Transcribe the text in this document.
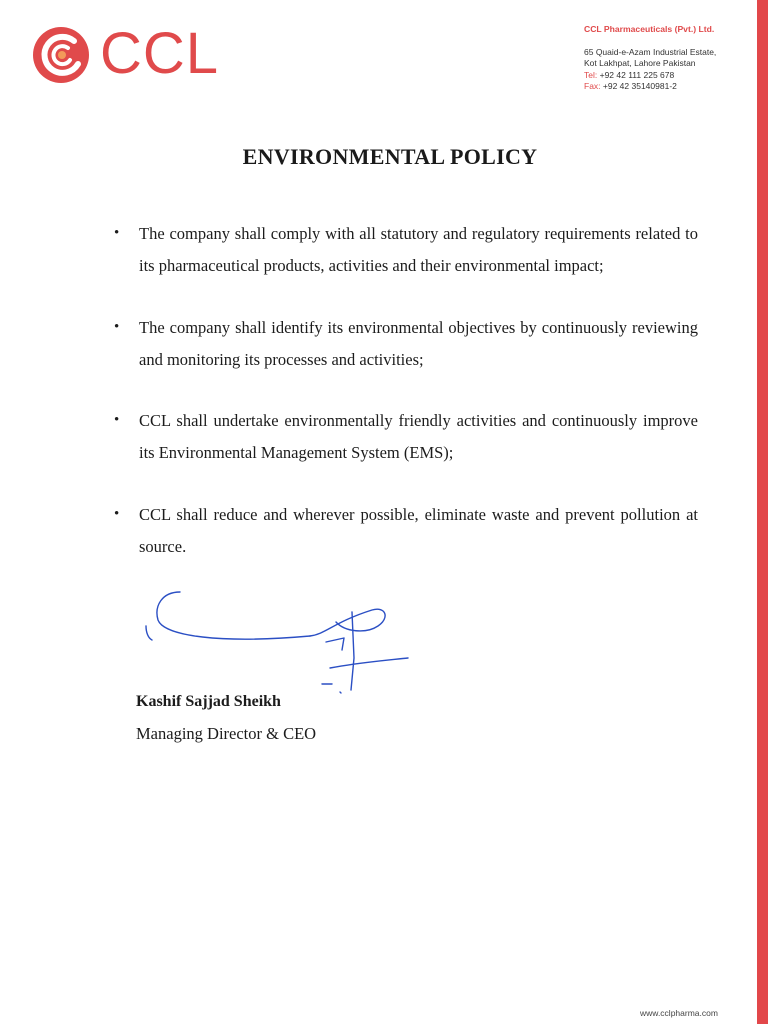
CCL	CCL Pharmaceuticals (Pvt.) Ltd.
65 Quaid-e-Azam Industrial Estate,
Kot Lakhpat, Lahore Pakistan
Tel: +92 42 111 225 678
Fax: +92 42 35140981-2
ENVIRONMENTAL POLICY
• The company shall comply with all statutory and regulatory requirements related to its pharmaceutical products, activities and their environmental impact;
• The company shall identify its environmental objectives by continuously reviewing and monitoring its processes and activities;
• CCL shall undertake environmentally friendly activities and continuously improve its Environmental Management System (EMS);
• CCL shall reduce and wherever possible, eliminate waste and prevent pollution at source.
Kashif Sajjad Sheikh
Managing Director & CEO
www.cclpharma.com
